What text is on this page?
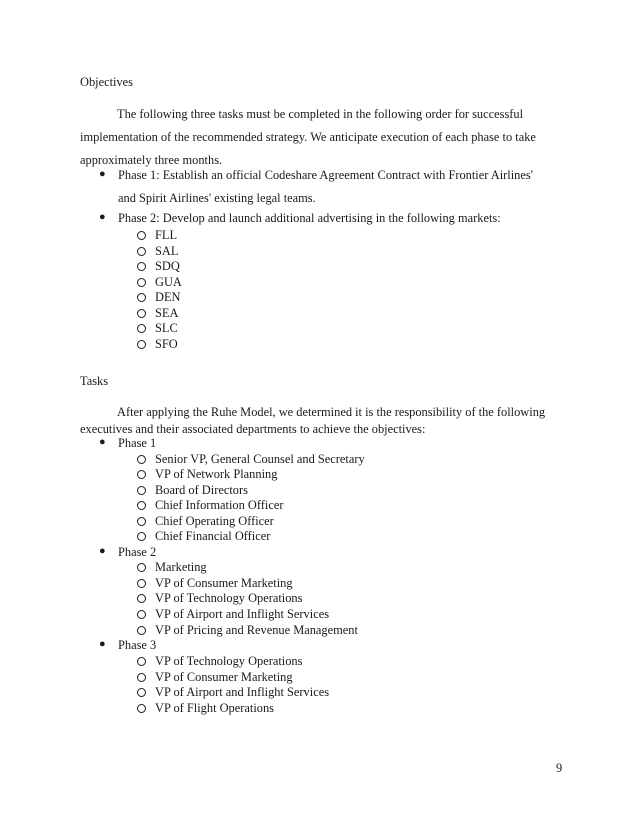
Objectives
The following three tasks must be completed in the following order for successful
implementation of the recommended strategy. We anticipate execution of each phase to take
approximately three months.
● Phase 1: Establish an official Codeshare Agreement Contract with Frontier Airlines'
and Spirit Airlines' existing legal teams.
● Phase 2: Develop and launch additional advertising in the following markets:
FLL
SAL
SDQ
GUA
DEN
SEA
SLC
SFO
Tasks
After applying the Ruhe Model, we determined it is the responsibility of the following
executives and their associated departments to achieve the objectives:
● Phase 1
Senior VP, General Counsel and Secretary
VP of Network Planning
Board of Directors
Chief Information Officer
Chief Operating Officer
Chief Financial Officer
● Phase 2
Marketing
VP of Consumer Marketing
VP of Technology Operations
VP of Airport and Inflight Services
VP of Pricing and Revenue Management
● Phase 3
VP of Technology Operations
VP of Consumer Marketing
VP of Airport and Inflight Services
VP of Flight Operations
9
